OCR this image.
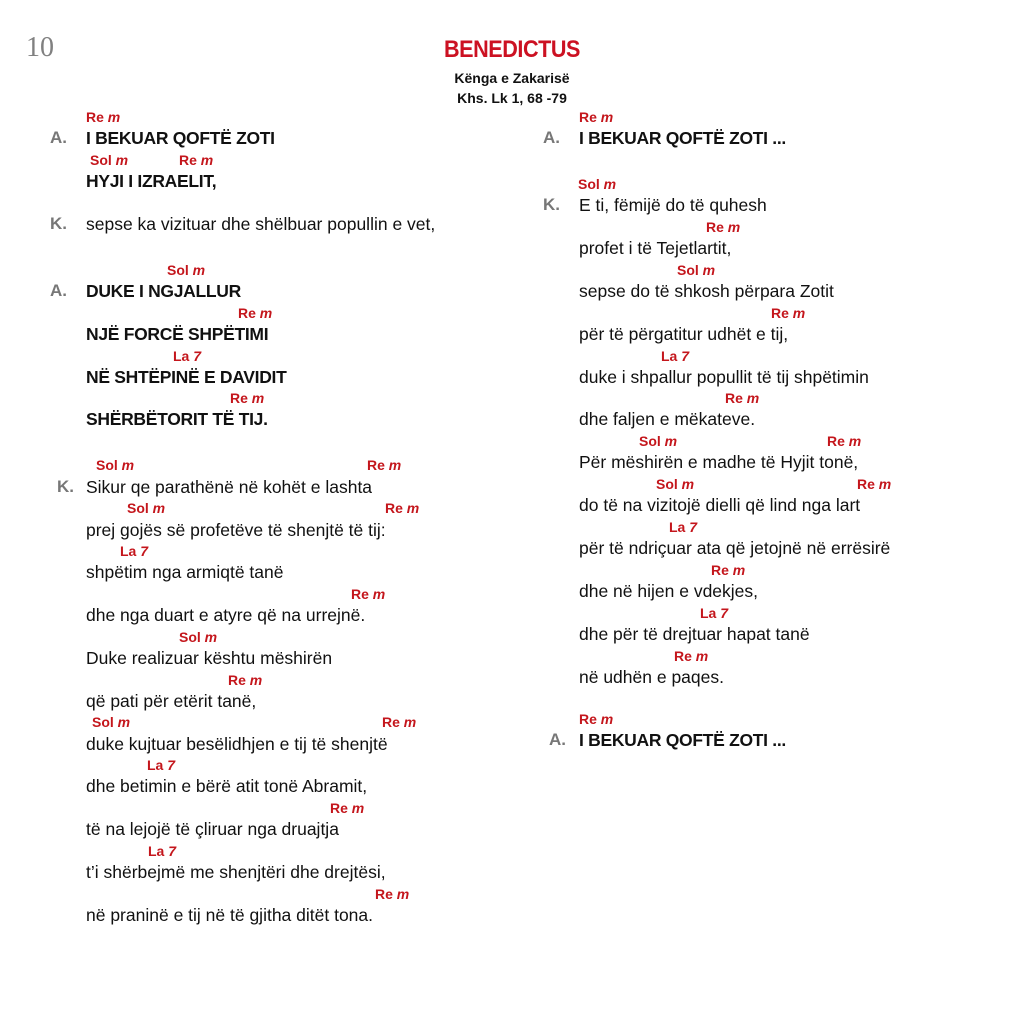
10	BENEDICTUS
Kënga e Zakarisë
Khs. Lk 1, 68 -79
Re m
A. I BEKUAR QOFTË ZOTI
Sol m	Re m
HYJI I IZRAELIT,
K. sepse ka vizituar dhe shëlbuar popullin e vet,
Sol m
A. DUKE I NGJALLUR
Re m
NJË FORCË SHPËTIMI
La 7
NË SHTËPINË E DAVIDIT
Re m
SHËRBËTORIT TË TIJ.
Sol m	Re m
K. Sikur qe parathënë në kohët e lashta
Sol m	Re m
prej gojës së profetëve të shenjtë të tij:
La 7
shpëtim nga armiqtë tanë
Re m
dhe nga duart e atyre që na urrejnë.
Sol m
Duke realizuar kështu mëshirën
Re m
që pati për etërit tanë,
Sol m	Re m
duke kujtuar besëlidhjen e tij të shenjtë
La 7
dhe betimin e bërë atit tonë Abramit,
Re m
të na lejojë të çliruar nga druajtja
La 7
t’i shërbejmë me shenjtëri dhe drejtësi,
Re m
në praninë e tij në të gjitha ditët tona.
Re m
A. I BEKUAR QOFTË ZOTI ...
Sol m
K. E ti, fëmijë do të quhesh
Re m
profet i të Tejetlartit,
Sol m
sepse do të shkosh përpara Zotit
Re m
për të përgatitur udhët e tij,
La 7
duke i shpallur popullit të tij shpëtimin
Re m
dhe faljen e mëkateve.
Sol m	Re m
Për mëshirën e madhe të Hyjit tonë,
Sol m	Re m
do të na vizitojë dielli që lind nga lart
La 7
për të ndriçuar ata që jetojnë në errësirë
Re m
dhe në hijen e vdekjes,
La 7
dhe për të drejtuar hapat tanë
Re m
në udhën e paqes.
Re m
A. I BEKUAR QOFTË ZOTI ...
